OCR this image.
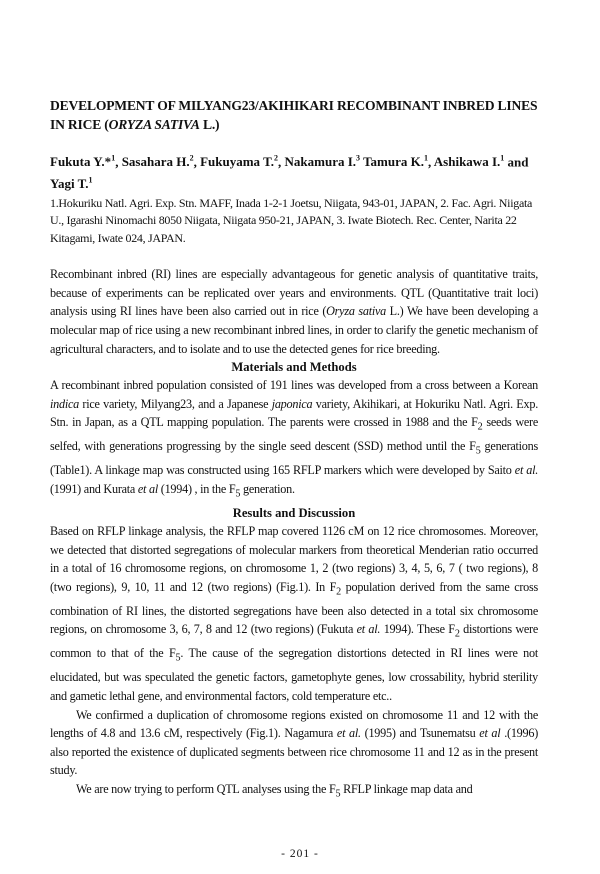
DEVELOPMENT OF MILYANG23/AKIHIKARI RECOMBINANT INBRED LINES IN RICE (ORYZA SATIVA L.)

Fukuta Y.*$^1$, Sasahara H.$^2$, Fukuyama T.$^2$, Nakamura I.$^3$ Tamura K.$^1$, Ashikawa I.$^1$ and Yagi T.$^1$

1.Hokuriku Natl. Agri. Exp. Stn. MAFF, Inada 1-2-1 Joetsu, Niigata, 943-01, JAPAN, 2. Fac. Agri. Niigata U., Igarashi Ninomachi 8050 Niigata, Niigata 950-21, JAPAN, 3. Iwate Biotech. Rec. Center, Narita 22 Kitagami, Iwate 024, JAPAN.

Recombinant inbred (RI) lines are especially advantageous for genetic analysis of quantitative traits, because of experiments can be replicated over years and environments. QTL (Quantitative trait loci) analysis using RI lines have been also carried out in rice (Oryza sativa L.) We have been developing a molecular map of rice using a new recombinant inbred lines, in order to clarify the genetic mechanism of agricultural characters, and to isolate and to use the detected genes for rice breeding.

Materials and Methods

A recombinant inbred population consisted of 191 lines was developed from a cross between a Korean indica rice variety, Milyang23, and a Japanese japonica variety, Akihikari, at Hokuriku Natl. Agri. Exp. Stn. in Japan, as a QTL mapping population. The parents were crossed in 1988 and the $F_2$ seeds were selfed, with generations progressing by the single seed descent (SSD) method until the $F_5$ generations (Table1). A linkage map was constructed using 165 RFLP markers which were developed by Saito et al. (1991) and Kurata et al (1994) , in the $F_5$ generation.

Results and Discussion

Based on RFLP linkage analysis, the RFLP map covered 1126 cM on 12 rice chromosomes. Moreover, we detected that distorted segregations of molecular markers from theoretical Menderian ratio occurred in a total of 16 chromosome regions, on chromosome 1, 2 (two regions) 3, 4, 5, 6, 7 ( two regions), 8 (two regions), 9, 10, 11 and 12 (two regions) (Fig.1). In $F_2$ population derived from the same cross combination of RI lines, the distorted segregations have been also detected in a total six chromosome regions, on chromosome 3, 6, 7, 8 and 12 (two regions) (Fukuta et al. 1994). These $F_2$ distortions were common to that of the $F_5$. The cause of the segregation distortions detected in RI lines were not elucidated, but was speculated the genetic factors, gametophyte genes, low crossability, hybrid sterility and gametic lethal gene, and environmental factors, cold temperature etc..

We confirmed a duplication of chromosome regions existed on chromosome 11 and 12 with the lengths of 4.8 and 13.6 cM, respectively (Fig.1). Nagamura et al. (1995) and Tsunematsu et al .(1996) also reported the existence of duplicated segments between rice chromosome 11 and 12 as in the present study.

We are now trying to perform QTL analyses using the $F_5$ RFLP linkage map data and

- 201 -
